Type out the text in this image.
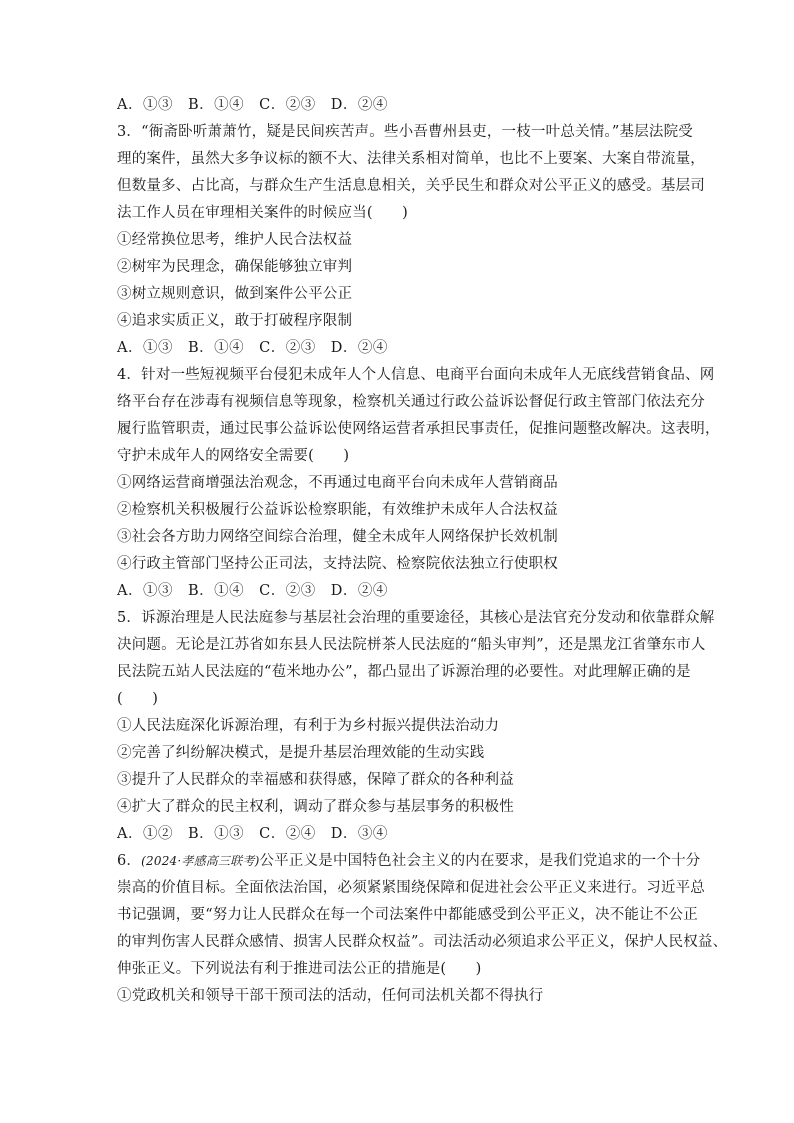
A．①③　B．①④　C．②③　D．②④
3．“衙斋卧听萧萧竹，疑是民间疾苦声。些小吾曹州县吏，一枝一叶总关情。”基层法院受
理的案件，虽然大多争议标的额不大、法律关系相对简单，也比不上要案、大案自带流量，
但数量多、占比高，与群众生产生活息息相关，关乎民生和群众对公平正义的感受。基层司
法工作人员在审理相关案件的时候应当(　　)
①经常换位思考，维护人民合法权益
②树牢为民理念，确保能够独立审判
③树立规则意识，做到案件公平公正
④追求实质正义，敢于打破程序限制
A．①③　B．①④　C．②③　D．②④
4．针对一些短视频平台侵犯未成年人个人信息、电商平台面向未成年人无底线营销食品、网
络平台存在涉毒有视频信息等现象，检察机关通过行政公益诉讼督促行政主管部门依法充分
履行监管职责，通过民事公益诉讼使网络运营者承担民事责任，促推问题整改解决。这表明，
守护未成年人的网络安全需要(　　)
①网络运营商增强法治观念，不再通过电商平台向未成年人营销商品
②检察机关积极履行公益诉讼检察职能，有效维护未成年人合法权益
③社会各方助力网络空间综合治理，健全未成年人网络保护长效机制
④行政主管部门坚持公正司法，支持法院、检察院依法独立行使职权
A．①③　B．①④　C．②③　D．②④
5．诉源治理是人民法庭参与基层社会治理的重要途径，其核心是法官充分发动和依靠群众解
决问题。无论是江苏省如东县人民法院栟茶人民法庭的“船头审判”，还是黑龙江省肇东市人
民法院五站人民法庭的“苞米地办公”，都凸显出了诉源治理的必要性。对此理解正确的是
(　　)
①人民法庭深化诉源治理，有利于为乡村振兴提供法治动力
②完善了纠纷解决模式，是提升基层治理效能的生动实践
③提升了人民群众的幸福感和获得感，保障了群众的各种利益
④扩大了群众的民主权利，调动了群众参与基层事务的积极性
A．①②　B．①③　C．②④　D．③④
6．(2024·孝感高三联考)公平正义是中国特色社会主义的内在要求，是我们党追求的一个十分
崇高的价值目标。全面依法治国，必须紧紧围绕保障和促进社会公平正义来进行。习近平总
书记强调，要“努力让人民群众在每一个司法案件中都能感受到公平正义，决不能让不公正
的审判伤害人民群众感情、损害人民群众权益”。司法活动必须追求公平正义，保护人民权益、
伸张正义。下列说法有利于推进司法公正的措施是(　　)
①党政机关和领导干部干预司法的活动，任何司法机关都不得执行
